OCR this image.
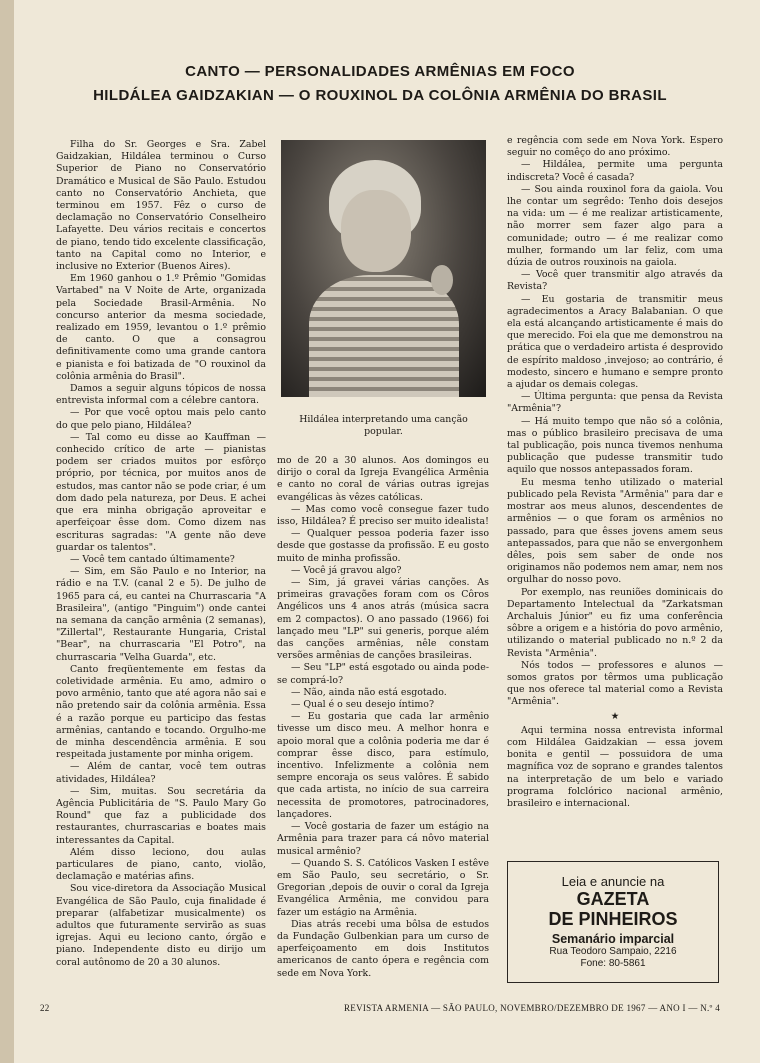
CANTO — PERSONALIDADES ARMÊNIAS EM FOCO
HILDÁLEA GAIDZAKIAN — O ROUXINOL DA COLÔNIA ARMÊNIA DO BRASIL

Filha do Sr. Georges e Sra. Zabel Gaidzakian, Hildálea terminou o Curso Superior de Piano no Conservatório Dramático e Musical de São Paulo. Estudou canto no Conservatório Anchieta, que terminou em 1957. Fêz o curso de declamação no Conservatório Conselheiro Lafayette. Deu vários recitais e concertos de piano, tendo tido excelente classificação, tanto na Capital como no Interior, e inclusive no Exterior (Buenos Aires).

Em 1960 ganhou o 1.º Prêmio "Gomidas Vartabed" na V Noite de Arte, organizada pela Sociedade Brasil-Armênia. No concurso anterior da mesma sociedade, realizado em 1959, levantou o 1.º prêmio de canto. O que a consagrou definitivamente como uma grande cantora e pianista e foi batizada de "O rouxinol da colônia armênia do Brasil".

Damos a seguir alguns tópicos de nossa entrevista informal com a célebre cantora.

— Por que você optou mais pelo canto do que pelo piano, Hildálea?

— Tal como eu disse ao Kauffman — conhecido crítico de arte — pianistas podem ser criados muitos por esfôrço próprio, por técnica, por muitos anos de estudos, mas cantor não se pode criar, é um dom dado pela natureza, por Deus. E achei que era minha obrigação aproveitar e aperfeiçoar êsse dom. Como dizem nas escrituras sagradas: "A gente não deve guardar os talentos".

— Você tem cantado últimamente?

— Sim, em São Paulo e no Interior, na rádio e na T.V. (canal 2 e 5). De julho de 1965 para cá, eu cantei na Churrascaria "A Brasileira", (antigo "Pinguim") onde cantei na semana da canção armênia (2 semanas), "Zillertal", Restaurante Hungaria, Cristal "Bear", na churrascaria "El Potro", na churrascaria "Velha Guarda", etc.

Canto freqüentemente em festas da coletividade armênia. Eu amo, admiro o povo armênio, tanto que até agora não sai e não pretendo sair da colônia armênia. Essa é a razão porque eu participo das festas armênias, cantando e tocando. Orgulho-me de minha descendência armênia. E sou respeitada justamente por minha origem.

— Além de cantar, você tem outras atividades, Hildálea?

— Sim, muitas. Sou secretária da Agência Publicitária de "S. Paulo Mary Go Round" que faz a publicidade dos restaurantes, churrascarias e boates mais interessantes da Capital.

Além disso leciono, dou aulas particulares de piano, canto, violão, declamação e matérias afins.

Sou vice-diretora da Associação Musical Evangélica de São Paulo, cuja finalidade é preparar (alfabetizar musicalmente) os adultos que futuramente servirão as suas igrejas. Aqui eu leciono canto, órgão e piano. Independente disto eu dirijo um coral autônomo de 20 a 30 alunos.

Hildálea interpretando uma canção popular.

mo de 20 a 30 alunos. Aos domingos eu dirijo o coral da Igreja Evangélica Armênia e canto no coral de várias outras igrejas evangélicas às vêzes católicas.

— Mas como você consegue fazer tudo isso, Hildálea? É preciso ser muito idealista!

— Qualquer pessoa poderia fazer isso desde que gostasse da profissão. E eu gosto muito de minha profissão.

— Você já gravou algo?

— Sim, já gravei várias canções. As primeiras gravações foram com os Côros Angélicos uns 4 anos atrás (música sacra em 2 compactos). O ano passado (1966) foi lançado meu "LP" sui generis, porque além das canções armênias, nêle constam versões armênias de canções brasileiras.

— Seu "LP" está esgotado ou ainda pode-se comprá-lo?

— Não, ainda não está esgotado.

— Qual é o seu desejo íntimo?

— Eu gostaria que cada lar armênio tivesse um disco meu. A melhor honra e apoio moral que a colônia poderia me dar é comprar êsse disco, para estímulo, incentivo. Infelizmente a colônia nem sempre encoraja os seus valôres. É sabido que cada artista, no início de sua carreira necessita de promotores, patrocinadores, lançadores.

— Você gostaria de fazer um estágio na Armênia para trazer para cá nôvo material musical armênio?

— Quando S. S. Católicos Vasken I estêve em São Paulo, seu secretário, o Sr. Gregorian ,depois de ouvir o coral da Igreja Evangélica Armênia, me convidou para fazer um estágio na Armênia.

Dias atrás recebi uma bôlsa de estudos da Fundação Gulbenkian para um curso de aperfeiçoamento em dois Institutos americanos de canto ópera e regência com sede em Nova York.

e regência com sede em Nova York. Espero seguir no comêço do ano próximo.

— Hildálea, permite uma pergunta indiscreta? Você é casada?

— Sou ainda rouxinol fora da gaiola. Vou lhe contar um segrêdo: Tenho dois desejos na vida: um — é me realizar artisticamente, não morrer sem fazer algo para a comunidade; outro — é me realizar como mulher, formando um lar feliz, com uma dúzia de outros rouxinois na gaiola.

— Você quer transmitir algo através da Revista?

— Eu gostaria de transmitir meus agradecimentos a Aracy Balabanian. O que ela está alcançando artisticamente é mais do que merecido. Foi ela que me demonstrou na prática que o verdadeiro artista é desprovido de espírito maldoso ,invejoso; ao contrário, é modesto, sincero e humano e sempre pronto a ajudar os demais colegas.

— Última pergunta: que pensa da Revista "Armênia"?

— Há muito tempo que não só a colônia, mas o público brasileiro precisava de uma tal publicação, pois nunca tivemos nenhuma publicação que pudesse transmitir tudo aquilo que nossos antepassados foram.

Eu mesma tenho utilizado o material publicado pela Revista "Armênia" para dar e mostrar aos meus alunos, descendentes de armênios — o que foram os armênios no passado, para que êsses jovens amem seus antepassados, para que não se envergonhem dêles, pois sem saber de onde nos originamos não podemos nem amar, nem nos orgulhar do nosso povo.

Por exemplo, nas reuniões dominicais do Departamento Intelectual da "Zarkatsman Archaluis Júnior" eu fiz uma conferência sôbre a origem e a história do povo armênio, utilizando o material publicado no n.º 2 da Revista "Armênia".

Nós todos — professores e alunos — somos gratos por têrmos uma publicação que nos oferece tal material como a Revista "Armênia".

★

Aqui termina nossa entrevista informal com Hildálea Gaidzakian — essa jovem bonita e gentil — possuidora de uma magnífica voz de soprano e grandes talentos na interpretação de um belo e variado programa folclórico nacional armênio, brasileiro e internacional.

Leia e anuncie na
GAZETA
DE PINHEIROS
Semanário imparcial
Rua Teodoro Sampaio, 2216
Fone: 80-5861
22	REVISTA ARMENIA — SÃO PAULO, NOVEMBRO/DEZEMBRO DE 1967 — ANO I — N.º 4
